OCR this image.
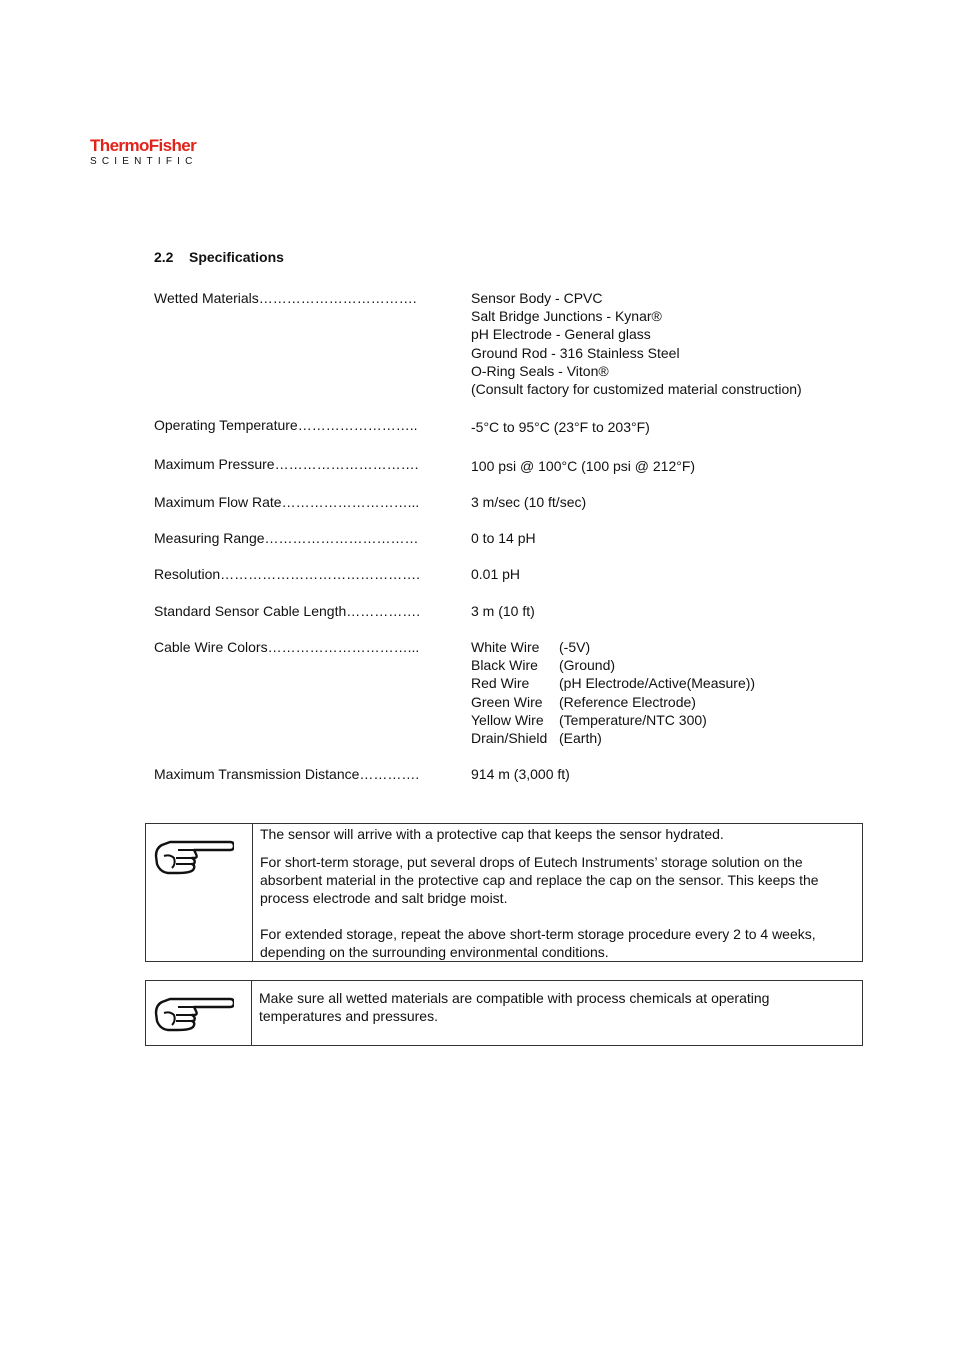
ThermoFisher
SCIENTIFIC
2.2 Specifications
Wetted Materials…………………………….	Sensor Body - CPVC
Salt Bridge Junctions - Kynar®
pH Electrode - General glass
Ground Rod - 316 Stainless Steel
O-Ring Seals - Viton®
(Consult factory for customized material construction)
Operating Temperature……………………..	-5°C to 95°C (23°F to 203°F)
Maximum Pressure………………………….	100 psi @ 100°C (100 psi @ 212°F)
Maximum Flow Rate………………………...	3 m/sec (10 ft/sec)
Measuring Range……………………………	0 to 14 pH
Resolution…………………………………….	0.01 pH
Standard Sensor Cable Length…………….	3 m (10 ft)
Cable Wire Colors…………………………...	White Wire (-5V)
Black Wire (Ground)
Red Wire (pH Electrode/Active(Measure))
Green Wire (Reference Electrode)
Yellow Wire (Temperature/NTC 300)
Drain/Shield (Earth)
Maximum Transmission Distance………….	914 m (3,000 ft)

The sensor will arrive with a protective cap that keeps the sensor hydrated.

For short-term storage, put several drops of Eutech Instruments’ storage solution on the absorbent material in the protective cap and replace the cap on the sensor. This keeps the process electrode and salt bridge moist.

For extended storage, repeat the above short-term storage procedure every 2 to 4 weeks, depending on the surrounding environmental conditions.

Make sure all wetted materials are compatible with process chemicals at operating temperatures and pressures.
